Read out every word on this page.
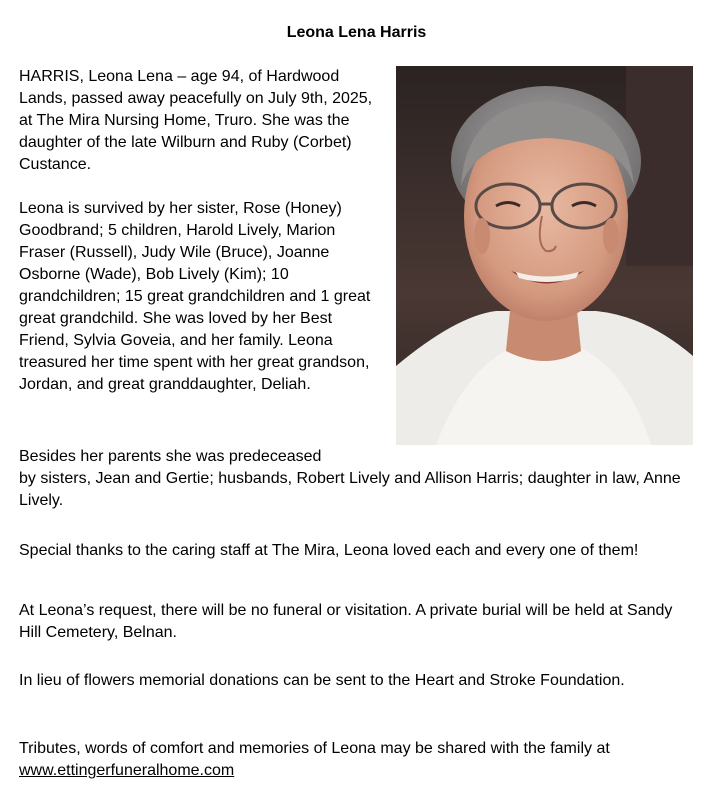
Leona Lena Harris

HARRIS, Leona Lena – age 94, of Hardwood Lands, passed away peacefully on July 9th, 2025, at The Mira Nursing Home, Truro. She was the daughter of the late Wilburn and Ruby (Corbet) Custance.

Leona is survived by her sister, Rose (Honey) Goodbrand; 5 children, Harold Lively, Marion Fraser (Russell), Judy Wile (Bruce), Joanne Osborne (Wade), Bob Lively (Kim); 10 grandchildren; 15 great grandchildren and 1 great great grandchild. She was loved by her Best Friend, Sylvia Goveia, and her family. Leona treasured her time spent with her great grandson, Jordan, and great granddaughter, Deliah.

Besides her parents she was predeceased
by sisters, Jean and Gertie; husbands, Robert Lively and Allison Harris; daughter in law, Anne Lively.

Special thanks to the caring staff at The Mira, Leona loved each and every one of them!

At Leona’s request, there will be no funeral or visitation. A private burial will be held at Sandy Hill Cemetery, Belnan.

In lieu of flowers memorial donations can be sent to the Heart and Stroke Foundation.

Tributes, words of comfort and memories of Leona may be shared with the family at www.ettingerfuneralhome.com
